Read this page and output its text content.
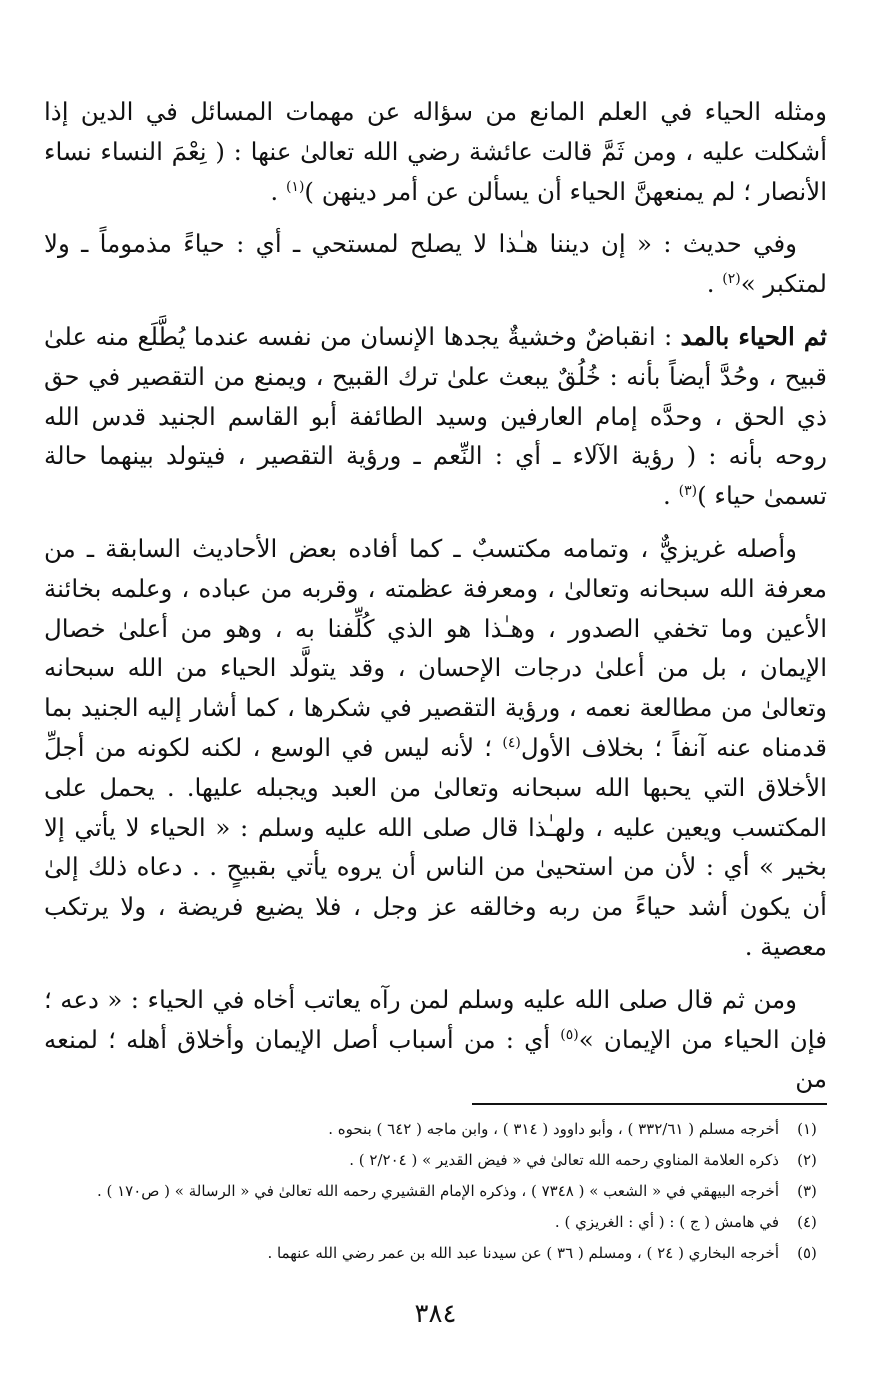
ومثله الحياء في العلم المانع من سؤاله عن مهمات المسائل في الدين إذا أشكلت عليه ، ومن ثَمَّ قالت عائشة رضي الله تعالىٰ عنها : ( نِعْمَ النساء نساء الأنصار ؛ لم يمنعهنَّ الحياء أن يسألن عن أمر دينهن )$^{(١)}$ .

وفي حديث : « إن ديننا هـٰذا لا يصلح لمستحي ـ أي : حياءً مذموماً ـ ولا لمتكبر »$^{(٢)}$ .

ثم الحياء بالمد : انقباضٌ وخشيةٌ يجدها الإنسان من نفسه عندما يُطَّلَع منه علىٰ قبيح ، وحُدَّ أيضاً بأنه : خُلُقٌ يبعث علىٰ ترك القبيح ، ويمنع من التقصير في حق ذي الحق ، وحدَّه إمام العارفين وسيد الطائفة أبو القاسم الجنيد قدس الله روحه بأنه : ( رؤية الآلاء ـ أي : النِّعم ـ ورؤية التقصير ، فيتولد بينهما حالة تسمىٰ حياء )$^{(٣)}$ .

وأصله غريزيٌّ ، وتمامه مكتسبٌ ـ كما أفاده بعض الأحاديث السابقة ـ من معرفة الله سبحانه وتعالىٰ ، ومعرفة عظمته ، وقربه من عباده ، وعلمه بخائنة الأعين وما تخفي الصدور ، وهـٰذا هو الذي كُلِّفنا به ، وهو من أعلىٰ خصال الإيمان ، بل من أعلىٰ درجات الإحسان ، وقد يتولَّد الحياء من الله سبحانه وتعالىٰ من مطالعة نعمه ، ورؤية التقصير في شكرها ، كما أشار إليه الجنيد بما قدمناه عنه آنفاً ؛ بخلاف الأول$^{(٤)}$ ؛ لأنه ليس في الوسع ، لكنه لكونه من أجلِّ الأخلاق التي يحبها الله سبحانه وتعالىٰ من العبد ويجبله عليها. . يحمل على المكتسب ويعين عليه ، ولهـٰذا قال صلى الله عليه وسلم : « الحياء لا يأتي إلا بخير » أي : لأن من استحيىٰ من الناس أن يروه يأتي بقبيحٍ . . دعاه ذلك إلىٰ أن يكون أشد حياءً من ربه وخالقه عز وجل ، فلا يضيع فريضة ، ولا يرتكب معصية .

ومن ثم قال صلى الله عليه وسلم لمن رآه يعاتب أخاه في الحياء : « دعه ؛ فإن الحياء من الإيمان »$^{(٥)}$ أي : من أسباب أصل الإيمان وأخلاق أهله ؛ لمنعه من

(١)
أخرجه مسلم ( ٣٣٢/٦١ ) ، وأبو داوود ( ٣١٤ ) ، وابن ماجه ( ٦٤٢ ) بنحوه .
(٢)
ذكره العلامة المناوي رحمه الله تعالىٰ في « فيض القدير » ( ٢/٢٠٤ ) .
(٣)
أخرجه البيهقي في « الشعب » ( ٧٣٤٨ ) ، وذكره الإمام القشيري رحمه الله تعالىٰ في « الرسالة » ( ص١٧٠ ) .
(٤)
في هامش ( ج ) : ( أي : الغريزي ) .
(٥)
أخرجه البخاري ( ٢٤ ) ، ومسلم ( ٣٦ ) عن سيدنا عبد الله بن عمر رضي الله عنهما .
٣٨٤
